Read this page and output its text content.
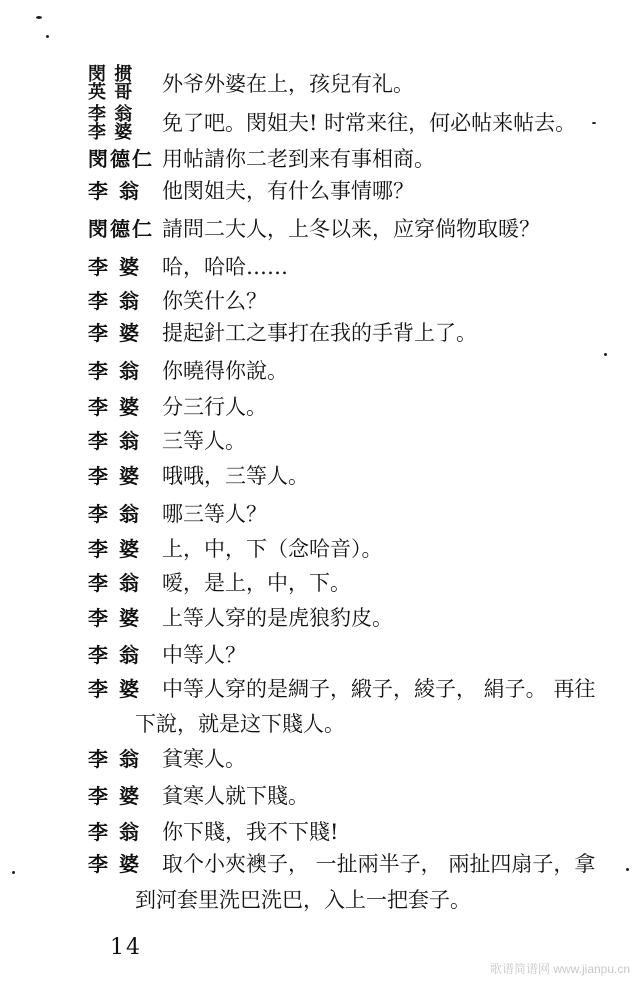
閔 掼
英 哥 外爷外婆在上，孩兒有礼。
李 翁
李 婆 免了吧。閔姐夫! 时常来往，何必帖来帖去。
閔德仁 用帖請你二老到来有事相商。
李 翁 他閔姐夫，有什么事情哪？
閔德仁 請問二大人，上冬以来，应穿倘物取暖？
李 婆 哈，哈哈……
李 翁 你笑什么？
李 婆 提起針工之事打在我的手背上了。
李 翁 你曉得你說。
李 婆 分三行人。
李 翁 三等人。
李 婆 哦哦，三等人。
李 翁 哪三等人？
李 婆 上，中，下（念哈音）。
李 翁 嗳，是上，中，下。
李 婆 上等人穿的是虎狼豹皮。
李 翁 中等人？
李 婆 中等人穿的是綢子，緞子，綾子， 絹子。 再往
下說，就是这下賤人。
李 翁 貧寒人。
李 婆 貧寒人就下賤。
李 翁 你下賤，我不下賤!
李 婆 取个小夾襖子， 一扯兩半子， 兩扯四扇子，拿
到河套里洗巴洗巴，入上一把套子。
14
歌谱简谱网 www.jianpu.cn
